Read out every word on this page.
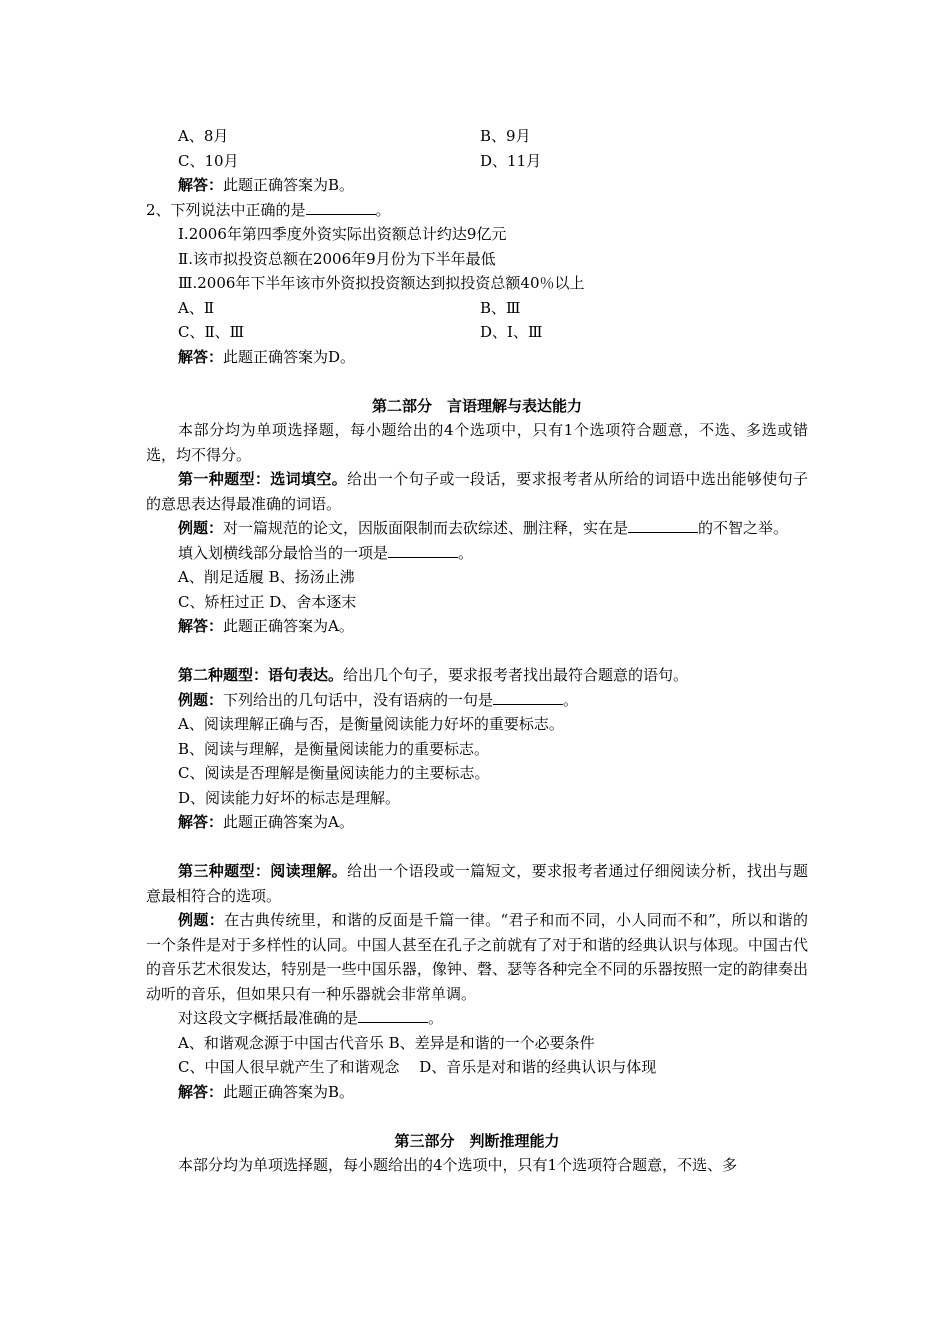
A、8月	B、9月
C、10月	D、11月
解答：此题正确答案为B。
2、下列说法中正确的是	。
Ⅰ.2006年第四季度外资实际出资额总计约达9亿元
Ⅱ.该市拟投资总额在2006年9月份为下半年最低
Ⅲ.2006年下半年该市外资拟投资额达到拟投资总额40％以上
A、Ⅱ	B、Ⅲ
C、Ⅱ、Ⅲ	D、Ⅰ、Ⅲ
解答：此题正确答案为D。
第二部分　言语理解与表达能力
本部分均为单项选择题，每小题给出的4个选项中，只有1个选项符合题意，不选、多选或错选，均不得分。
第一种题型：选词填空。给出一个句子或一段话，要求报考者从所给的词语中选出能够使句子的意思表达得最准确的词语。
例题：对一篇规范的论文，因版面限制而去砍综述、删注释，实在是	的不智之举。
填入划横线部分最恰当的一项是	。
A、削足适履 B、扬汤止沸
C、矫枉过正 D、舍本逐末
解答：此题正确答案为A。
第二种题型：语句表达。给出几个句子，要求报考者找出最符合题意的语句。
例题：下列给出的几句话中，没有语病的一句是	。
A、阅读理解正确与否，是衡量阅读能力好坏的重要标志。
B、阅读与理解，是衡量阅读能力的重要标志。
C、阅读是否理解是衡量阅读能力的主要标志。
D、阅读能力好坏的标志是理解。
解答：此题正确答案为A。
第三种题型：阅读理解。给出一个语段或一篇短文，要求报考者通过仔细阅读分析，找出与题意最相符合的选项。
例题：在古典传统里，和谐的反面是千篇一律。“君子和而不同，小人同而不和”，所以和谐的一个条件是对于多样性的认同。中国人甚至在孔子之前就有了对于和谐的经典认识与体现。中国古代的音乐艺术很发达，特别是一些中国乐器，像钟、磬、瑟等各种完全不同的乐器按照一定的韵律奏出动听的音乐，但如果只有一种乐器就会非常单调。
对这段文字概括最准确的是	。
A、和谐观念源于中国古代音乐 B、差异是和谐的一个必要条件
C、中国人很早就产生了和谐观念　 D、音乐是对和谐的经典认识与体现
解答：此题正确答案为B。
第三部分　判断推理能力
本部分均为单项选择题，每小题给出的4个选项中，只有1个选项符合题意，不选、多
